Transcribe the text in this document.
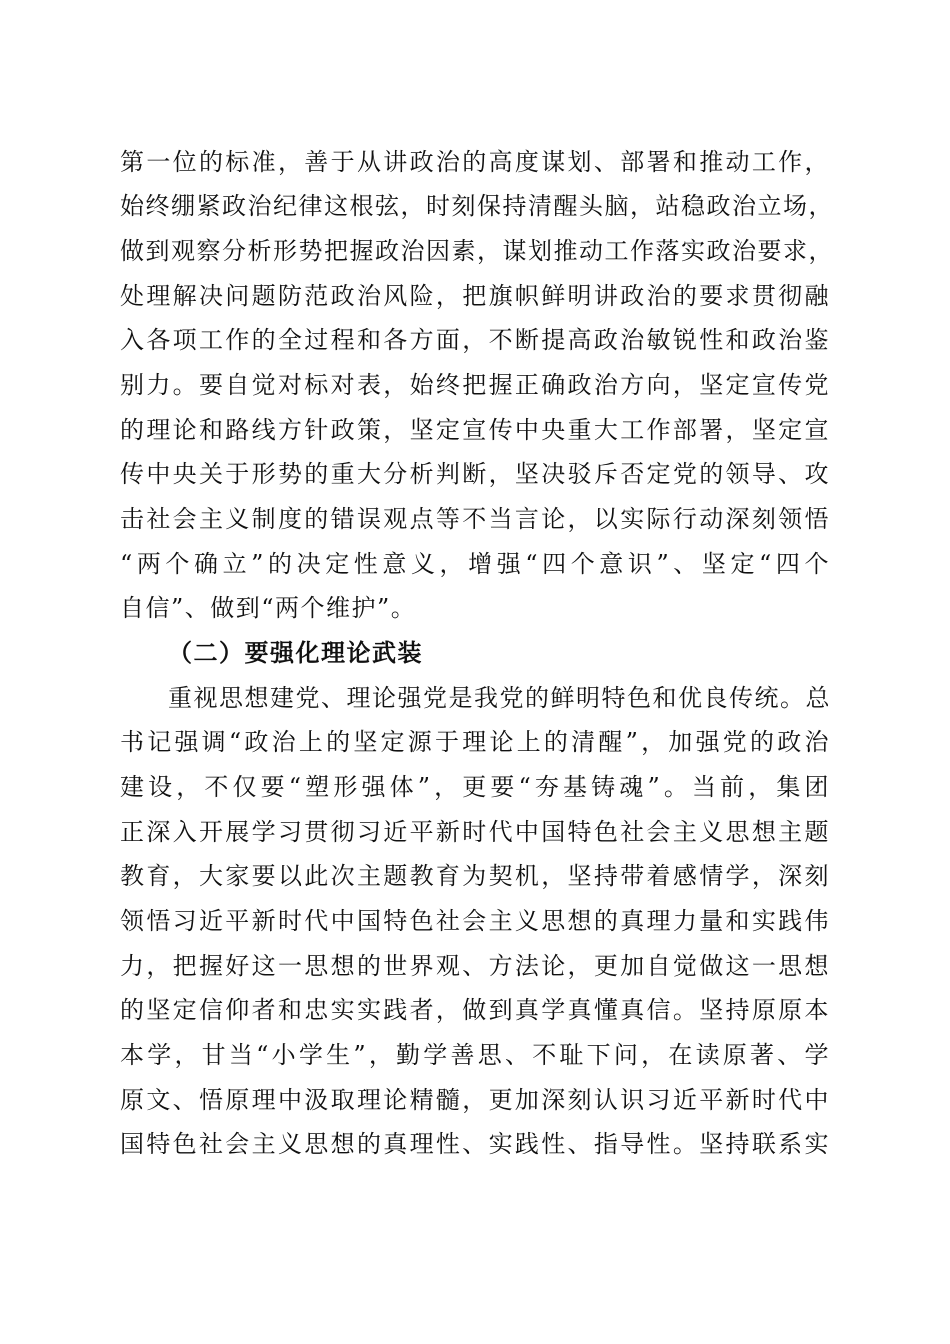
第一位的标准，善于从讲政治的高度谋划、部署和推动工作，
始终绷紧政治纪律这根弦，时刻保持清醒头脑，站稳政治立场，
做到观察分析形势把握政治因素，谋划推动工作落实政治要求，
处理解决问题防范政治风险，把旗帜鲜明讲政治的要求贯彻融
入各项工作的全过程和各方面，不断提高政治敏锐性和政治鉴
别力。要自觉对标对表，始终把握正确政治方向，坚定宣传党
的理论和路线方针政策，坚定宣传中央重大工作部署，坚定宣
传中央关于形势的重大分析判断，坚决驳斥否定党的领导、攻
击社会主义制度的错误观点等不当言论，以实际行动深刻领悟
“两个确立”的决定性意义，增强“四个意识”、坚定“四个
自信”、做到“两个维护”。
（二）要强化理论武装
重视思想建党、理论强党是我党的鲜明特色和优良传统。总
书记强调“政治上的坚定源于理论上的清醒”，加强党的政治
建设，不仅要“塑形强体”，更要“夯基铸魂”。当前，集团
正深入开展学习贯彻习近平新时代中国特色社会主义思想主题
教育，大家要以此次主题教育为契机，坚持带着感情学，深刻
领悟习近平新时代中国特色社会主义思想的真理力量和实践伟
力，把握好这一思想的世界观、方法论，更加自觉做这一思想
的坚定信仰者和忠实实践者，做到真学真懂真信。坚持原原本
本学，甘当“小学生”，勤学善思、不耻下问，在读原著、学
原文、悟原理中汲取理论精髓，更加深刻认识习近平新时代中
国特色社会主义思想的真理性、实践性、指导性。坚持联系实
